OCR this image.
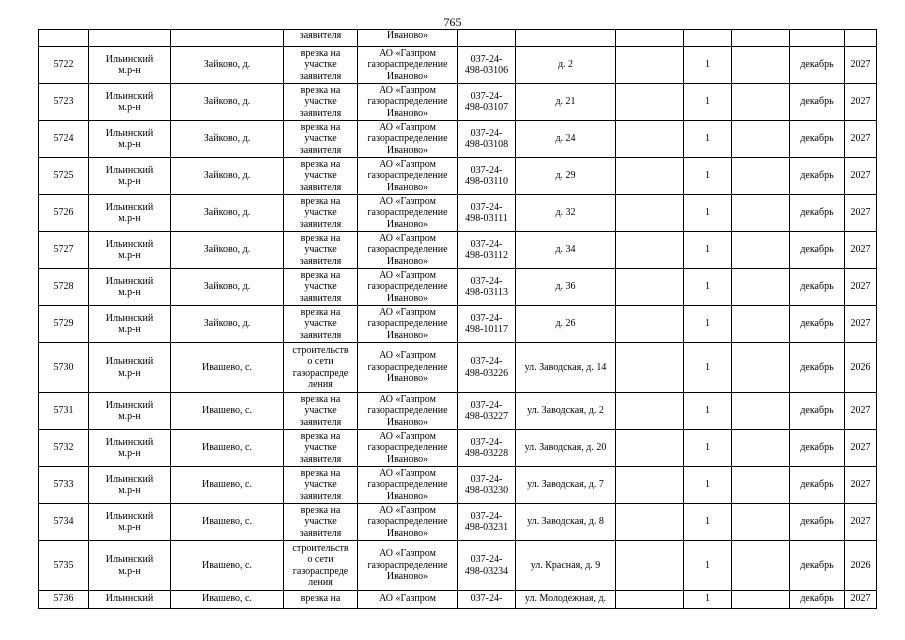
765
			заявителя	Иваново»							
5722	Ильинский
м.р-н	Зайково, д.	врезка на
участке
заявителя	АО «Газпром
газораспределение
Иваново»	037-24-
498-03106	д. 2		1		декабрь	2027
5723	Ильинский
м.р-н	Зайково, д.	врезка на
участке
заявителя	АО «Газпром
газораспределение
Иваново»	037-24-
498-03107	д. 21		1		декабрь	2027
5724	Ильинский
м.р-н	Зайково, д.	врезка на
участке
заявителя	АО «Газпром
газораспределение
Иваново»	037-24-
498-03108	д. 24		1		декабрь	2027
5725	Ильинский
м.р-н	Зайково, д.	врезка на
участке
заявителя	АО «Газпром
газораспределение
Иваново»	037-24-
498-03110	д. 29		1		декабрь	2027
5726	Ильинский
м.р-н	Зайково, д.	врезка на
участке
заявителя	АО «Газпром
газораспределение
Иваново»	037-24-
498-03111	д. 32		1		декабрь	2027
5727	Ильинский
м.р-н	Зайково, д.	врезка на
участке
заявителя	АО «Газпром
газораспределение
Иваново»	037-24-
498-03112	д. 34		1		декабрь	2027
5728	Ильинский
м.р-н	Зайково, д.	врезка на
участке
заявителя	АО «Газпром
газораспределение
Иваново»	037-24-
498-03113	д. 36		1		декабрь	2027
5729	Ильинский
м.р-н	Зайково, д.	врезка на
участке
заявителя	АО «Газпром
газораспределение
Иваново»	037-24-
498-10117	д. 26		1		декабрь	2027
5730	Ильинский
м.р-н	Ивашево, с.	строительств
о сети
газораспреде
ления	АО «Газпром
газораспределение
Иваново»	037-24-
498-03226	ул. Заводская, д. 14		1		декабрь	2026
5731	Ильинский
м.р-н	Ивашево, с.	врезка на
участке
заявителя	АО «Газпром
газораспределение
Иваново»	037-24-
498-03227	ул. Заводская, д. 2		1		декабрь	2027
5732	Ильинский
м.р-н	Ивашево, с.	врезка на
участке
заявителя	АО «Газпром
газораспределение
Иваново»	037-24-
498-03228	ул. Заводская, д. 20		1		декабрь	2027
5733	Ильинский
м.р-н	Ивашево, с.	врезка на
участке
заявителя	АО «Газпром
газораспределение
Иваново»	037-24-
498-03230	ул. Заводская, д. 7		1		декабрь	2027
5734	Ильинский
м.р-н	Ивашево, с.	врезка на
участке
заявителя	АО «Газпром
газораспределение
Иваново»	037-24-
498-03231	ул. Заводская, д. 8		1		декабрь	2027
5735	Ильинский
м.р-н	Ивашево, с.	строительств
о сети
газораспреде
ления	АО «Газпром
газораспределение
Иваново»	037-24-
498-03234	ул. Красная, д. 9		1		декабрь	2026
5736	Ильинский	Ивашево, с.	врезка на	АО «Газпром	037-24-	ул. Молодежная, д.		1		декабрь	2027
